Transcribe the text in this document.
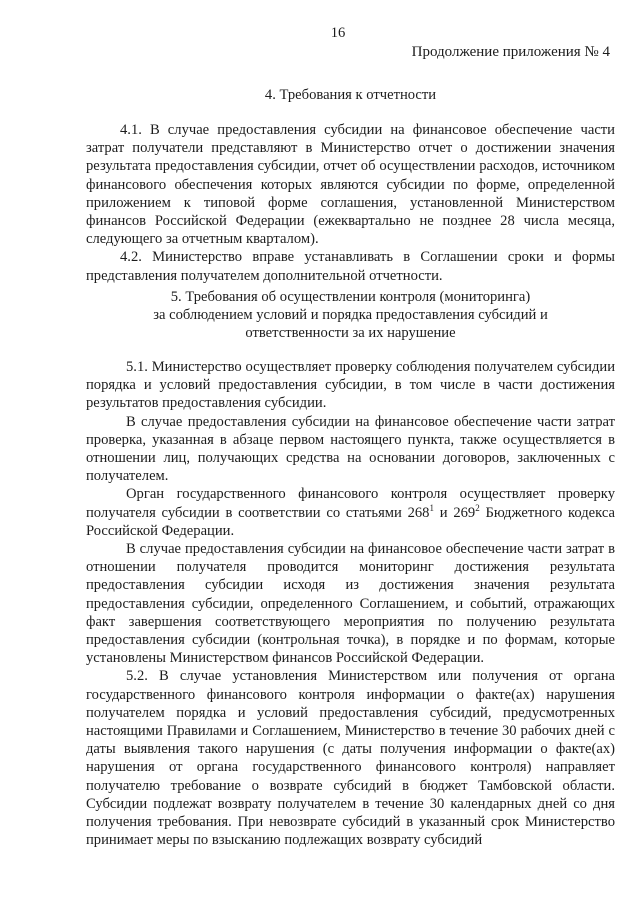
16
Продолжение приложения № 4

4. Требования к отчетности

4.1. В случае предоставления субсидии на финансовое обеспечение части затрат получатели представляют в Министерство отчет о достижении значения результата предоставления субсидии, отчет об осуществлении расходов, источником финансового обеспечения которых являются субсидии по форме, определенной приложением к типовой форме соглашения, установленной Министерством финансов Российской Федерации (ежеквартально не позднее 28 числа месяца, следующего за отчетным кварталом).

4.2. Министерство вправе устанавливать в Соглашении сроки и формы представления получателем дополнительной отчетности.

5. Требования об осуществлении контроля (мониторинга)

за соблюдением условий и порядка предоставления субсидий и

ответственности за их нарушение

5.1. Министерство осуществляет проверку соблюдения получателем субсидии порядка и условий предоставления субсидии, в том числе в части достижения результатов предоставления субсидии.

В случае предоставления субсидии на финансовое обеспечение части затрат проверка, указанная в абзаце первом настоящего пункта, также осуществляется в отношении лиц, получающих средства на основании договоров, заключенных с получателем.

Орган государственного финансового контроля осуществляет проверку получателя субсидии в соответствии со статьями $268^1$ и $269^2$ Бюджетного кодекса Российской Федерации.

В случае предоставления субсидии на финансовое обеспечение части затрат в отношении получателя проводится мониторинг достижения результата предоставления субсидии исходя из достижения значения результата предоставления субсидии, определенного Соглашением, и событий, отражающих факт завершения соответствующего мероприятия по получению результата предоставления субсидии (контрольная точка), в порядке и по формам, которые установлены Министерством финансов Российской Федерации.

5.2. В случае установления Министерством или получения от органа государственного финансового контроля информации о факте(ах) нарушения получателем порядка и условий предоставления субсидий, предусмотренных настоящими Правилами и Соглашением, Министерство в течение 30 рабочих дней с даты выявления такого нарушения (с даты получения информации о факте(ах) нарушения от органа государственного финансового контроля) направляет получателю требование о возврате субсидий в бюджет Тамбовской области. Субсидии подлежат возврату получателем в течение 30 календарных дней со дня получения требования. При невозврате субсидий в указанный срок Министерство принимает меры по взысканию подлежащих возврату субсидий
